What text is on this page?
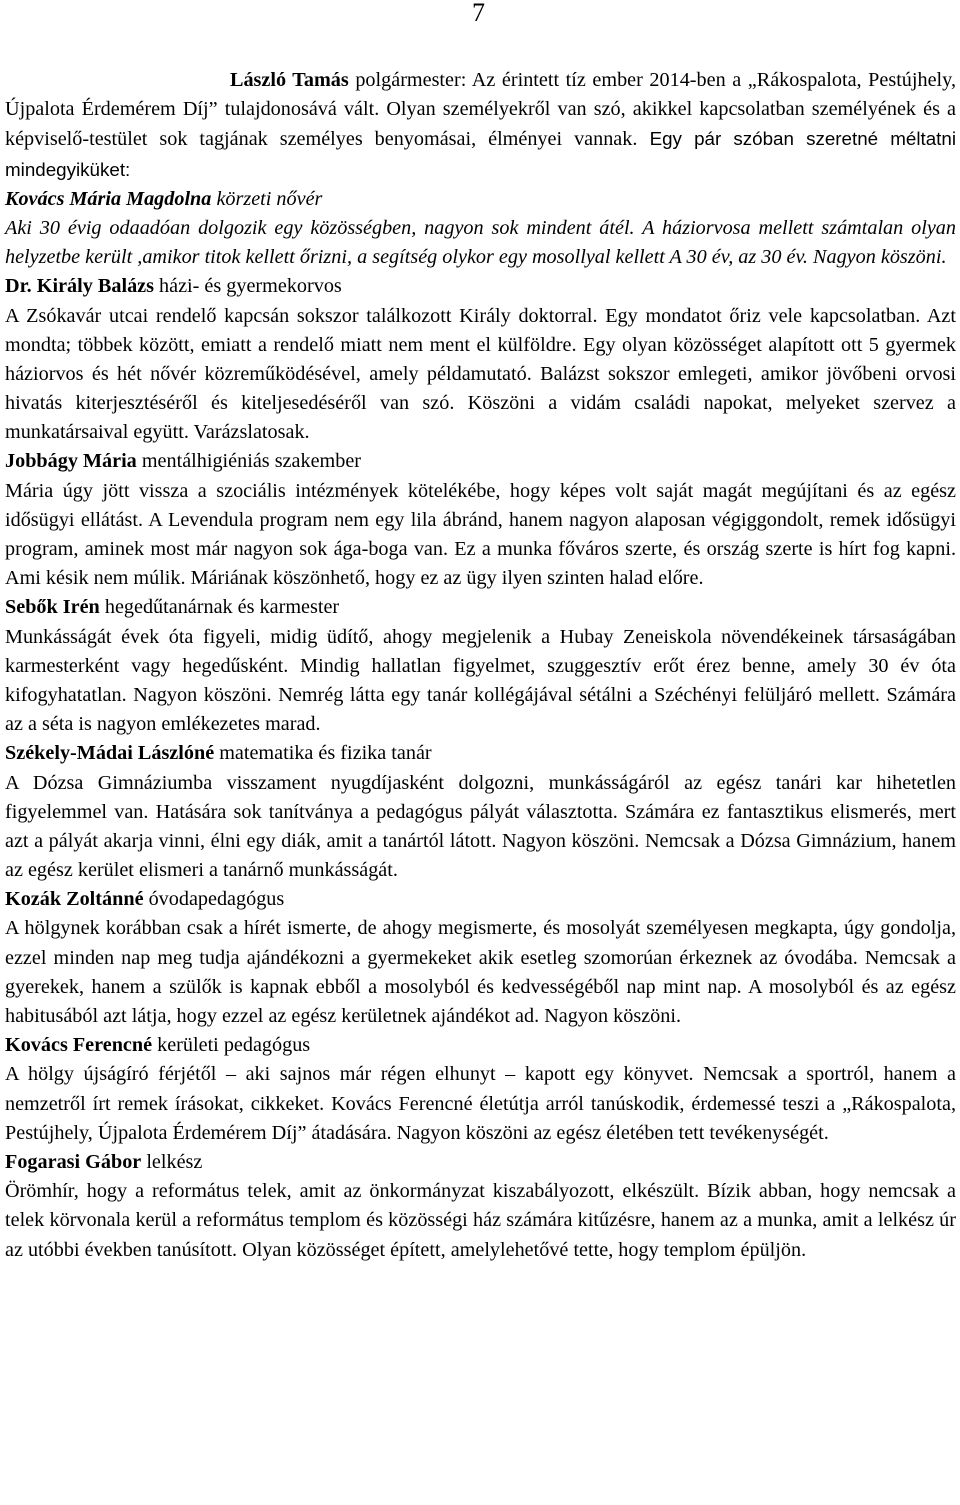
7

László Tamás polgármester: Az érintett tíz ember 2014-ben a „Rákospalota, Pestújhely, Újpalota Érdemérem Díj” tulajdonosává vált. Olyan személyekről van szó, akikkel kapcsolatban személyének és a képviselő-testület sok tagjának személyes benyomásai, élményei vannak. Egy pár szóban szeretné méltatni mindegyiküket:

Kovács Mária Magdolna körzeti nővér

Aki 30 évig odaadóan dolgozik egy közösségben, nagyon sok mindent átél. A háziorvosa mellett számtalan olyan helyzetbe került ,amikor titok kellett őrizni, a segítség olykor egy mosollyal kellett A 30 év, az 30 év. Nagyon köszöni.

Dr. Király Balázs házi- és gyermekorvos

A Zsókavár utcai rendelő kapcsán sokszor találkozott Király doktorral. Egy mondatot őriz vele kapcsolatban. Azt mondta; többek között, emiatt a rendelő miatt nem ment el külföldre. Egy olyan közösséget alapított ott 5 gyermek háziorvos és hét nővér közreműködésével, amely példamutató. Balázst sokszor emlegeti, amikor jövőbeni orvosi hivatás kiterjesztéséről és kiteljesedéséről van szó. Köszöni a vidám családi napokat, melyeket szervez a munkatársaival együtt. Varázslatosak.

Jobbágy Mária mentálhigiéniás szakember

Mária úgy jött vissza a szociális intézmények kötelékébe, hogy képes volt saját magát megújítani és az egész idősügyi ellátást. A Levendula program nem egy lila ábránd, hanem nagyon alaposan végiggondolt, remek idősügyi program, aminek most már nagyon sok ága-boga van. Ez a munka főváros szerte, és ország szerte is hírt fog kapni. Ami késik nem múlik. Máriának köszönhető, hogy ez az ügy ilyen szinten halad előre.

Sebők Irén hegedűtanárnak és karmester

Munkásságát évek óta figyeli, midig üdítő, ahogy megjelenik a Hubay Zeneiskola növendékeinek társaságában karmesterként vagy hegedűsként. Mindig hallatlan figyelmet, szuggesztív erőt érez benne, amely 30 év óta kifogyhatatlan. Nagyon köszöni. Nemrég látta egy tanár kollégájával sétálni a Széchényi felüljáró mellett. Számára az a séta is nagyon emlékezetes marad.

Székely-Mádai Lászlóné matematika és fizika tanár

A Dózsa Gimnáziumba visszament nyugdíjasként dolgozni, munkásságáról az egész tanári kar hihetetlen figyelemmel van. Hatására sok tanítványa a pedagógus pályát választotta. Számára ez fantasztikus elismerés, mert azt a pályát akarja vinni, élni egy diák, amit a tanártól látott. Nagyon köszöni. Nemcsak a Dózsa Gimnázium, hanem az egész kerület elismeri a tanárnő munkásságát.

Kozák Zoltánné óvodapedagógus

A hölgynek korábban csak a hírét ismerte, de ahogy megismerte, és mosolyát személyesen megkapta, úgy gondolja, ezzel minden nap meg tudja ajándékozni a gyermekeket akik esetleg szomorúan érkeznek az óvodába. Nemcsak a gyerekek, hanem a szülők is kapnak ebből a mosolyból és kedvességéből nap mint nap. A mosolyból és az egész habitusából azt látja, hogy ezzel az egész kerületnek ajándékot ad. Nagyon köszöni.

Kovács Ferencné kerületi pedagógus

A hölgy újságíró férjétől – aki sajnos már régen elhunyt – kapott egy könyvet. Nemcsak a sportról, hanem a nemzetről írt remek írásokat, cikkeket. Kovács Ferencné életútja arról tanúskodik, érdemessé teszi a „Rákospalota, Pestújhely, Újpalota Érdemérem Díj” átadására. Nagyon köszöni az egész életében tett tevékenységét.

Fogarasi Gábor lelkész

Örömhír, hogy a református telek, amit az önkormányzat kiszabályozott, elkészült. Bízik abban, hogy nemcsak a telek körvonala kerül a református templom és közösségi ház számára kitűzésre, hanem az a munka, amit a lelkész úr az utóbbi években tanúsított. Olyan közösséget épített, amelylehetővé tette, hogy templom épüljön.
